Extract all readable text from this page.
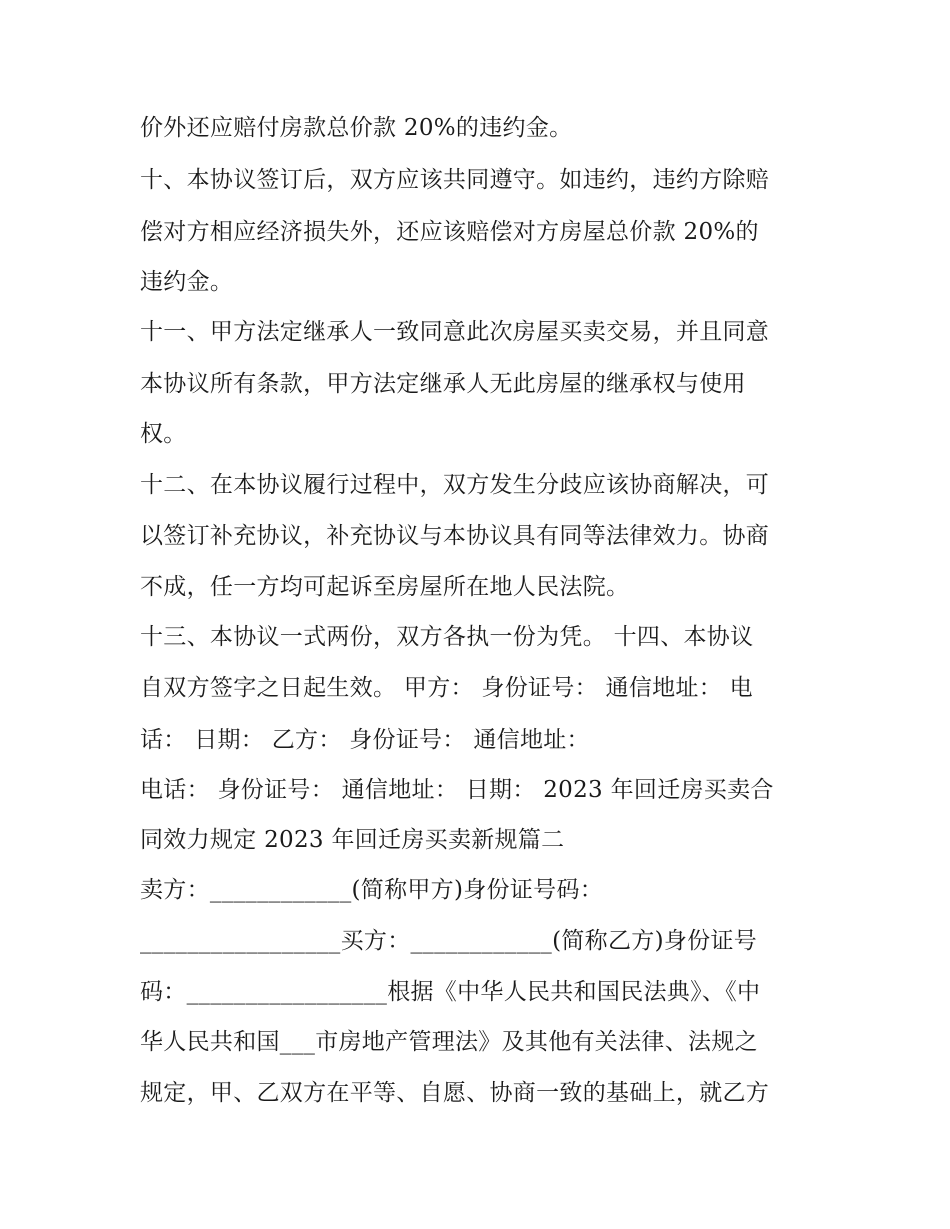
价外还应赔付房款总价款 20%的违约金。
十、本协议签订后，双方应该共同遵守。如违约，违约方除赔
偿对方相应经济损失外，还应该赔偿对方房屋总价款 20%的
违约金。
十一、甲方法定继承人一致同意此次房屋买卖交易，并且同意
本协议所有条款，甲方法定继承人无此房屋的继承权与使用
权。
十二、在本协议履行过程中，双方发生分歧应该协商解决，可
以签订补充协议，补充协议与本协议具有同等法律效力。协商
不成，任一方均可起诉至房屋所在地人民法院。
十三、本协议一式两份，双方各执一份为凭。 十四、本协议
自双方签字之日起生效。 甲方： 身份证号： 通信地址： 电
话： 日期： 乙方： 身份证号： 通信地址：
电话： 身份证号： 通信地址： 日期： 2023 年回迁房买卖合
同效力规定 2023 年回迁房买卖新规篇二
卖方：____________(简称甲方)身份证号码：
_________________买方：____________(简称乙方)身份证号
码：_________________根据《中华人民共和国民法典》、《中
华人民共和国___市房地产管理法》及其他有关法律、法规之
规定，甲、乙双方在平等、自愿、协商一致的基础上，就乙方
